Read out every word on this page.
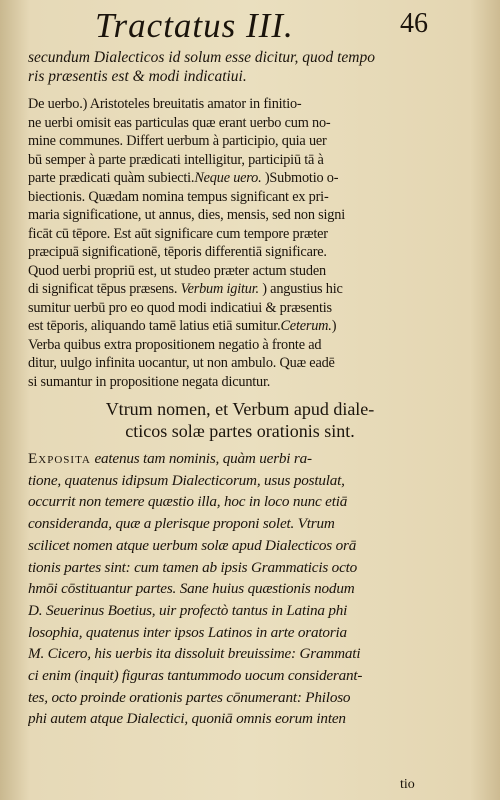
Tractatus III.	46
secundum Dialecticos id solum esse dicitur, quod tempo
ris præsentis est & modi indicatiui.
De uerbo.) Aristoteles breuitatis amator in finitio-
ne uerbi omisit eas particulas quæ erant uerbo cum no-
mine communes. Differt uerbum à participio, quia uer
bū semper à parte prædicati intelligitur, participiū tā à
parte prædicati quàm subiecti.Neque uero. )Submotio o-
biectionis. Quædam nomina tempus significant ex pri-
maria significatione, ut annus, dies, mensis, sed non signi
ficāt cū tēpore. Est aūt significare cum tempore præter
præcipuā significationē, tēporis differentiā significare.
Quod uerbi propriū est, ut studeo præter actum studen
di significat tēpus præsens. Verbum igitur. ) angustius hic
sumitur uerbū pro eo quod modi indicatiui & præsentis
est tēporis, aliquando tamē latius etiā sumitur.Ceterum.)
Verba quibus extra propositionem negatio à fronte ad
ditur, uulgo infinita uocantur, ut non ambulo. Quæ eadē
si sumantur in propositione negata dicuntur.
Vtrum nomen, et Verbum apud diale-
cticos solæ partes orationis sint.
Exposita eatenus tam nominis, quàm uerbi ra-
tione, quatenus idipsum Dialecticorum, usus postulat,
occurrit non temere quæstio illa, hoc in loco nunc etiā
consideranda, quæ a plerisque proponi solet. Vtrum
scilicet nomen atque uerbum solæ apud Dialecticos orā
tionis partes sint: cum tamen ab ipsis Grammaticis octo
hmōi cōstituantur partes. Sane huius quæstionis nodum
D. Seuerinus Boetius, uir profectò tantus in Latina phi
losophia, quatenus inter ipsos Latinos in arte oratoria
M. Cicero, his uerbis ita dissoluit breuissime: Grammati
ci enim (inquit) figuras tantummodo uocum considerant-
tes, octo proinde orationis partes cōnumerant: Philoso
phi autem atque Dialectici, quoniā omnis eorum inten
tio
